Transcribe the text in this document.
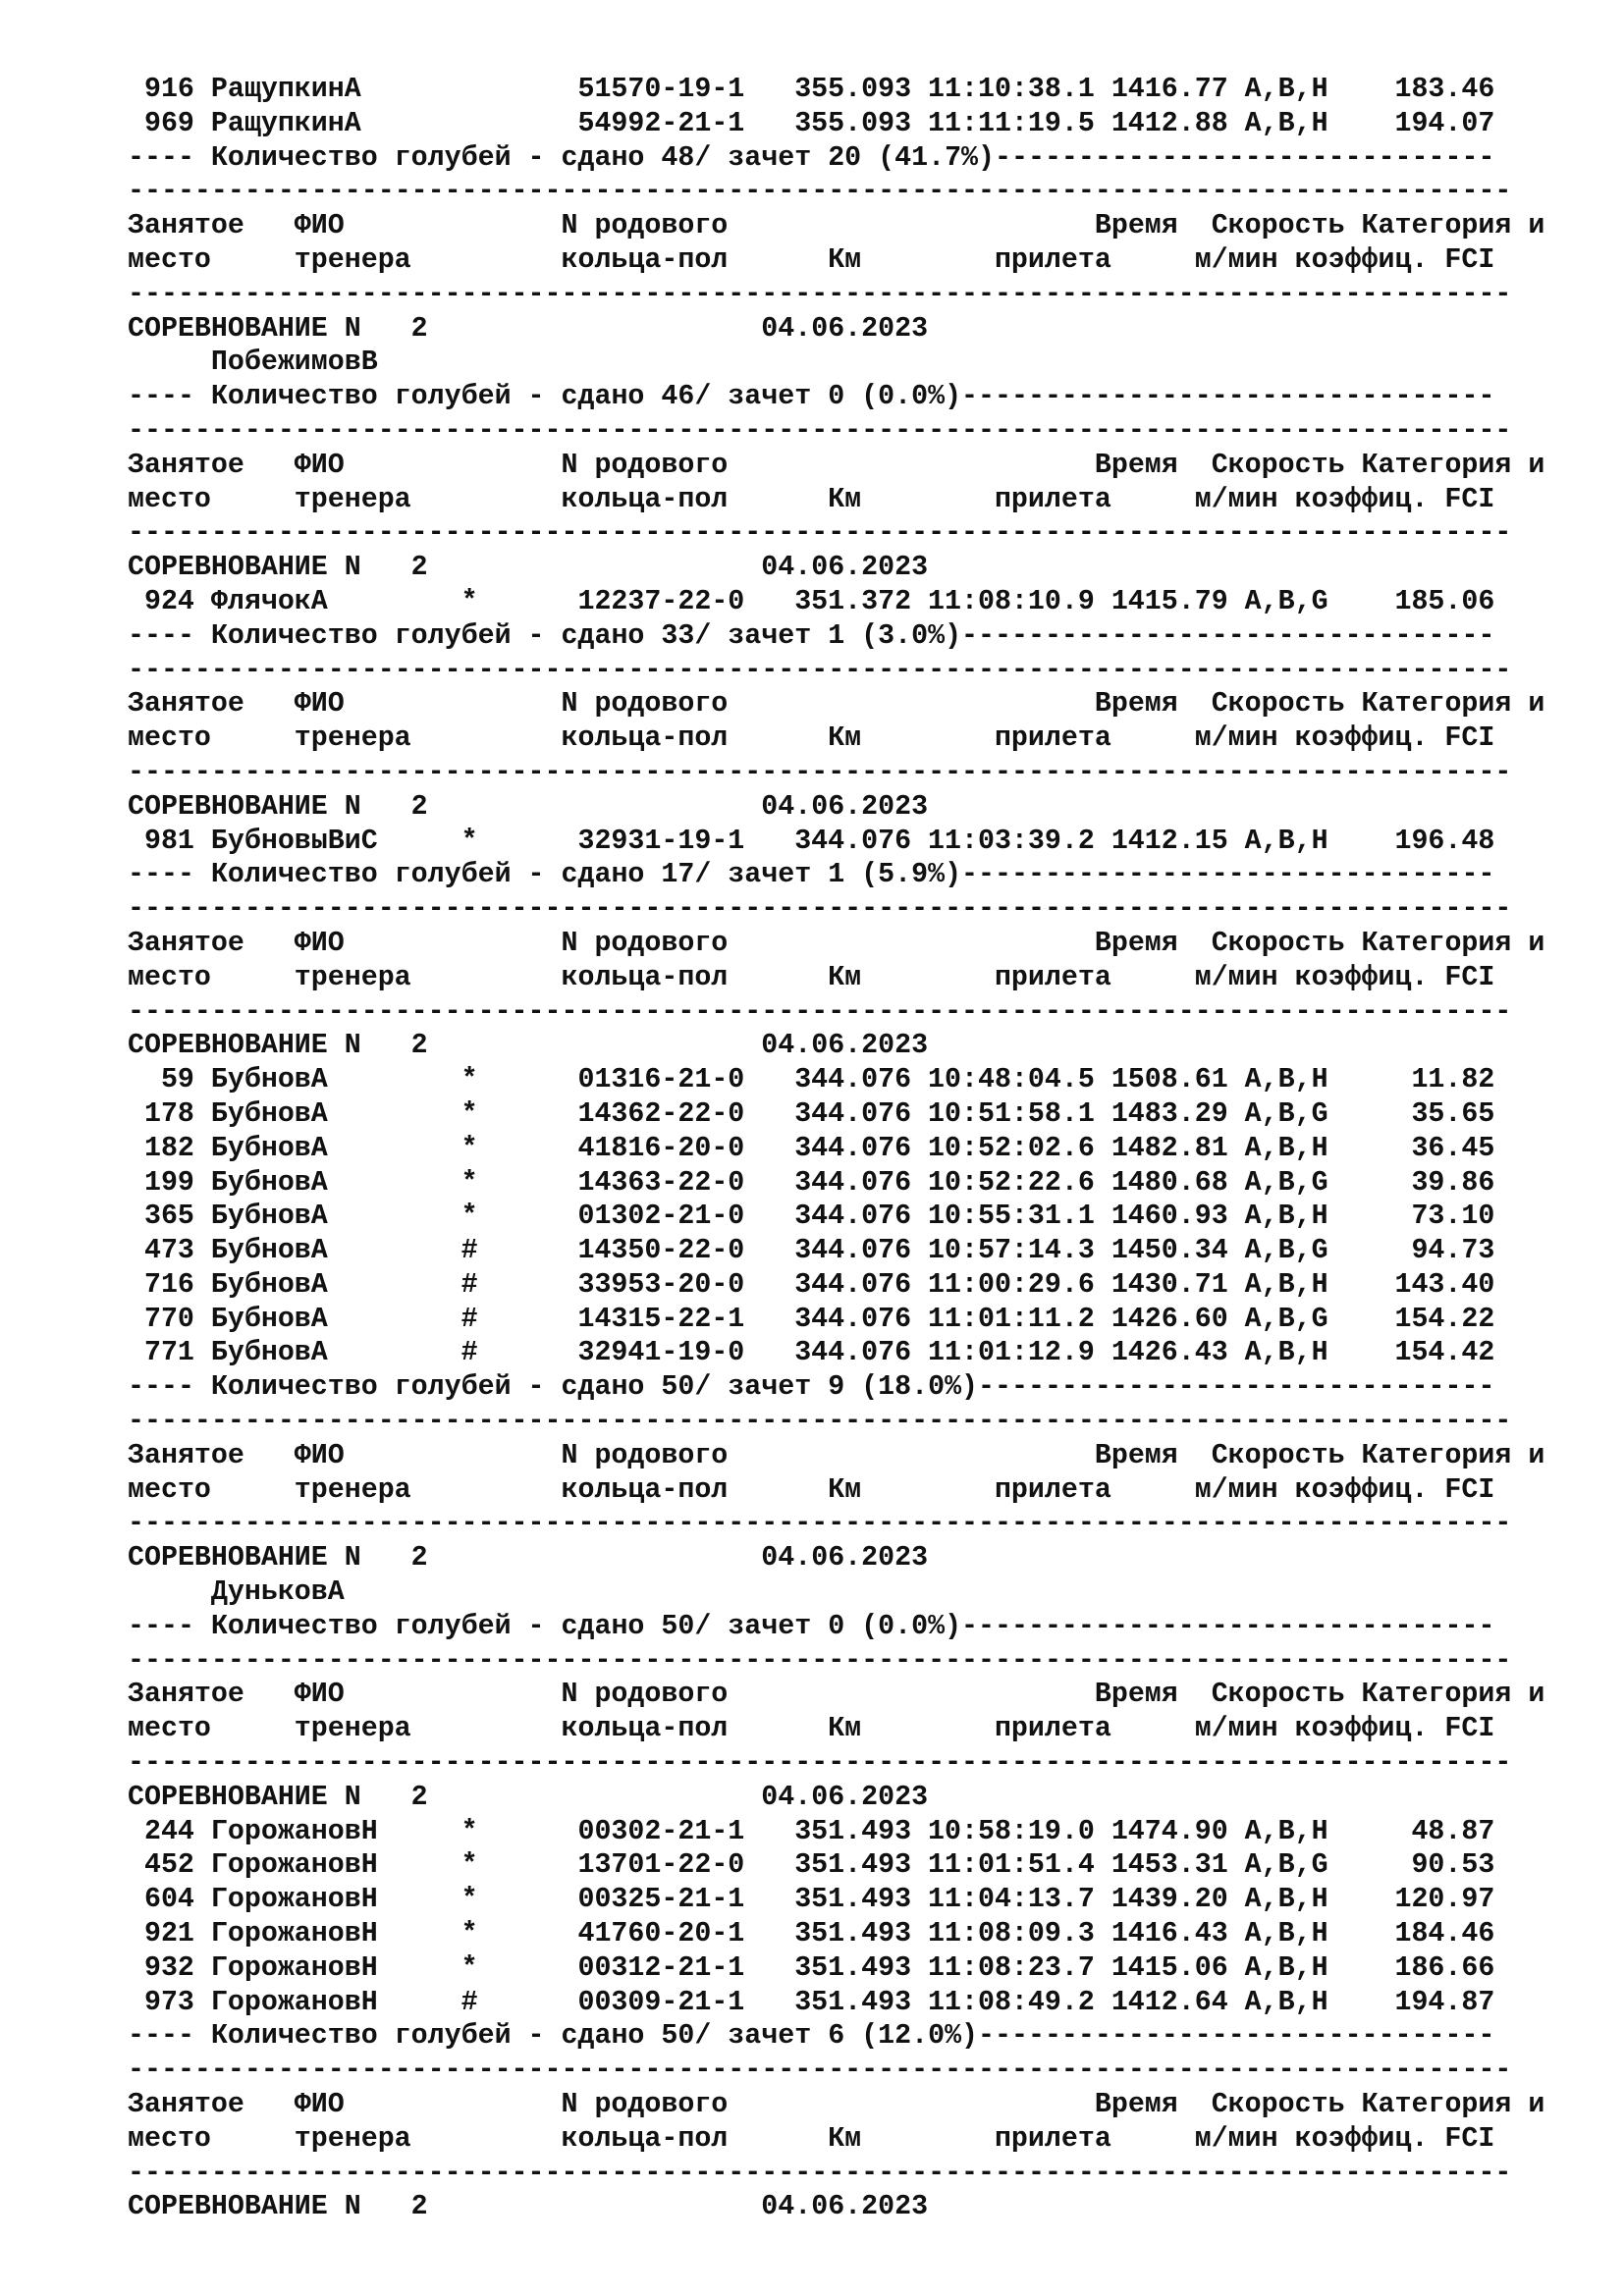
916 РащупкинА	51570-19-1 355.093 11:10:38.1 1416.77 A,B,H 183.46
969 РащупкинА	54992-21-1 355.093 11:11:19.5 1412.88 A,B,H 194.07
---- Количество голубей - сдано 48/ зачет 20 (41.7%)------------------------------
-----------------------------------------------------------------------------------
Занятое ФИО	N родового	Время Скорость Категория и
место	тренера	кольца-пол	Км	прилета	м/мин коэффиц. FCI
-----------------------------------------------------------------------------------
СОРЕВНОВАНИЕ N   2	04.06.2023
ПобежимовВ
---- Количество голубей - сдано 46/ зачет 0 (0.0%)--------------------------------
-----------------------------------------------------------------------------------
Занятое ФИО	N родового	Время Скорость Категория и
место	тренера	кольца-пол	Км	прилета	м/мин коэффиц. FCI
-----------------------------------------------------------------------------------
СОРЕВНОВАНИЕ N   2	04.06.2023
924 ФлячокА	*	12237-22-0 351.372 11:08:10.9 1415.79 A,B,G 185.06
---- Количество голубей - сдано 33/ зачет 1 (3.0%)--------------------------------
-----------------------------------------------------------------------------------
Занятое ФИО	N родового	Время Скорость Категория и
место	тренера	кольца-пол	Км	прилета	м/мин коэффиц. FCI
-----------------------------------------------------------------------------------
СОРЕВНОВАНИЕ N   2	04.06.2023
981 БубновыВиС	*	32931-19-1 344.076 11:03:39.2 1412.15 A,B,H 196.48
---- Количество голубей - сдано 17/ зачет 1 (5.9%)--------------------------------
-----------------------------------------------------------------------------------
Занятое ФИО	N родового	Время Скорость Категория и
место	тренера	кольца-пол	Км	прилета	м/мин коэффиц. FCI
-----------------------------------------------------------------------------------
СОРЕВНОВАНИЕ N   2	04.06.2023
59 БубновА	*	01316-21-0 344.076 10:48:04.5 1508.61 A,B,H	11.82
178 БубновА	*	14362-22-0 344.076 10:51:58.1 1483.29 A,B,G	35.65
182 БубновА	*	41816-20-0 344.076 10:52:02.6 1482.81 A,B,H	36.45
199 БубновА	*	14363-22-0 344.076 10:52:22.6 1480.68 A,B,G	39.86
365 БубновА	*	01302-21-0 344.076 10:55:31.1 1460.93 A,B,H	73.10
473 БубновА	#	14350-22-0 344.076 10:57:14.3 1450.34 A,B,G	94.73
716 БубновА	#	33953-20-0 344.076 11:00:29.6 1430.71 A,B,H 143.40
770 БубновА	#	14315-22-1 344.076 11:01:11.2 1426.60 A,B,G 154.22
771 БубновА	#	32941-19-0 344.076 11:01:12.9 1426.43 A,B,H 154.42
---- Количество голубей - сдано 50/ зачет 9 (18.0%)-------------------------------
-----------------------------------------------------------------------------------
Занятое ФИО	N родового	Время Скорость Категория и
место	тренера	кольца-пол	Км	прилета	м/мин коэффиц. FCI
-----------------------------------------------------------------------------------
СОРЕВНОВАНИЕ N   2	04.06.2023
ДуньковА
---- Количество голубей - сдано 50/ зачет 0 (0.0%)--------------------------------
-----------------------------------------------------------------------------------
Занятое ФИО	N родового	Время Скорость Категория и
место	тренера	кольца-пол	Км	прилета	м/мин коэффиц. FCI
-----------------------------------------------------------------------------------
СОРЕВНОВАНИЕ N   2	04.06.2023
244 ГорожановН	*	00302-21-1 351.493 10:58:19.0 1474.90 A,B,H	48.87
452 ГорожановН	*	13701-22-0 351.493 11:01:51.4 1453.31 A,B,G	90.53
604 ГорожановН	*	00325-21-1 351.493 11:04:13.7 1439.20 A,B,H 120.97
921 ГорожановН	*	41760-20-1 351.493 11:08:09.3 1416.43 A,B,H 184.46
932 ГорожановН	*	00312-21-1 351.493 11:08:23.7 1415.06 A,B,H 186.66
973 ГорожановН	#	00309-21-1 351.493 11:08:49.2 1412.64 A,B,H 194.87
---- Количество голубей - сдано 50/ зачет 6 (12.0%)-------------------------------
-----------------------------------------------------------------------------------
Занятое ФИО	N родового	Время Скорость Категория и
место	тренера	кольца-пол	Км	прилета	м/мин коэффиц. FCI
-----------------------------------------------------------------------------------
СОРЕВНОВАНИЕ N   2	04.06.2023
